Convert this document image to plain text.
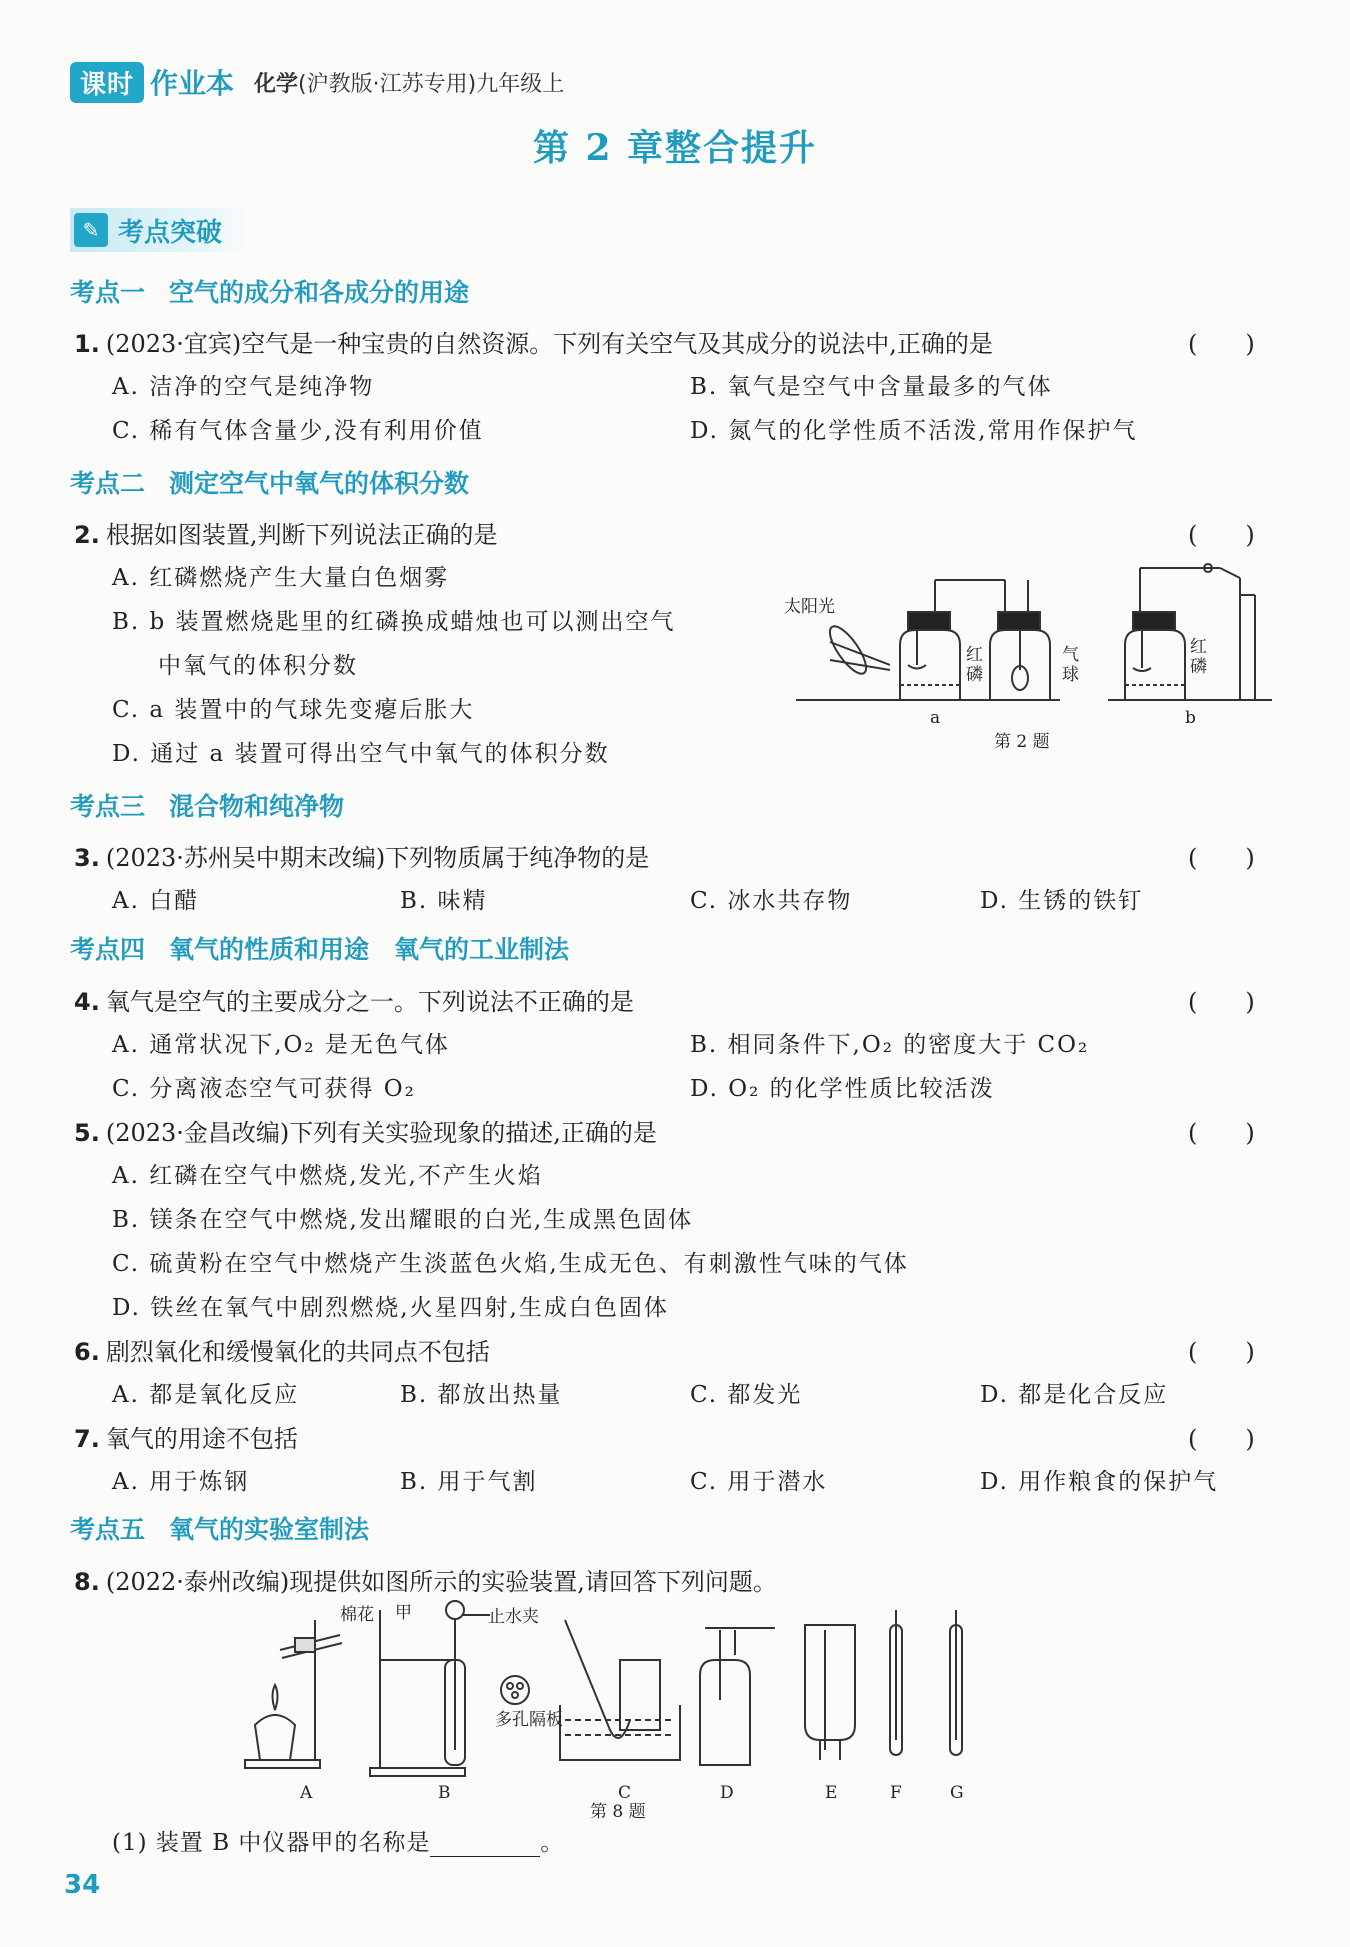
课时 作业本 化学(沪教版·江苏专用)九年级上
第 2 章整合提升
✎ 考点突破
考点一 空气的成分和各成分的用途
1. (2023·宜宾)空气是一种宝贵的自然资源。下列有关空气及其成分的说法中,正确的是	(　　)
A. 洁净的空气是纯净物	B. 氧气是空气中含量最多的气体
C. 稀有气体含量少,没有利用价值	D. 氮气的化学性质不活泼,常用作保护气
考点二 测定空气中氧气的体积分数
2. 根据如图装置,判断下列说法正确的是	(　　)
A. 红磷燃烧产生大量白色烟雾
B. b 装置燃烧匙里的红磷换成蜡烛也可以测出空气
中氧气的体积分数
C. a 装置中的气球先变瘪后胀大
D. 通过 a 装置可得出空气中氧气的体积分数
太阳光
红
磷
气
球
红
磷
a	b
第 2 题
考点三 混合物和纯净物
3. (2023·苏州吴中期末改编)下列物质属于纯净物的是	(　　)
A. 白醋	B. 味精	C. 冰水共存物	D. 生锈的铁钉
考点四 氧气的性质和用途　氧气的工业制法
4. 氧气是空气的主要成分之一。下列说法不正确的是	(　　)
A. 通常状况下,O₂ 是无色气体	B. 相同条件下,O₂ 的密度大于 CO₂
C. 分离液态空气可获得 O₂	D. O₂ 的化学性质比较活泼
5. (2023·金昌改编)下列有关实验现象的描述,正确的是	(　　)
A. 红磷在空气中燃烧,发光,不产生火焰
B. 镁条在空气中燃烧,发出耀眼的白光,生成黑色固体
C. 硫黄粉在空气中燃烧产生淡蓝色火焰,生成无色、有刺激性气味的气体
D. 铁丝在氧气中剧烈燃烧,火星四射,生成白色固体
6. 剧烈氧化和缓慢氧化的共同点不包括	(　　)
A. 都是氧化反应	B. 都放出热量	C. 都发光	D. 都是化合反应
7. 氧气的用途不包括	(　　)
A. 用于炼钢	B. 用于气割	C. 用于潜水	D. 用作粮食的保护气
考点五 氧气的实验室制法
8. (2022·泰州改编)现提供如图所示的实验装置,请回答下列问题。
棉花 甲	止水夹
多孔隔板
A	B	C	D	E	F	G
第 8 题
(1) 装置 B 中仪器甲的名称是	。
34
